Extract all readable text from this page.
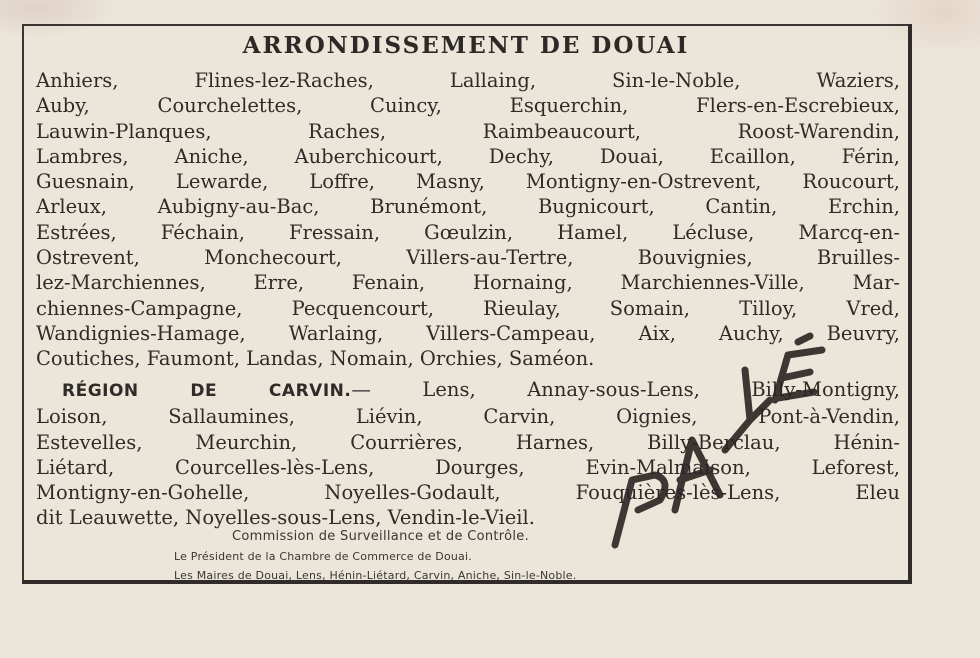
ARRONDISSEMENT DE DOUAI
Anhiers, Flines-lez-Raches, Lallaing, Sin-le-Noble, Waziers,
Auby, Courchelettes, Cuincy, Esquerchin, Flers-en-Escrebieux,
Lauwin-Planques, Raches, Raimbeaucourt, Roost-Warendin,
Lambres, Aniche, Auberchicourt, Dechy, Douai, Ecaillon, Férin,
Guesnain, Lewarde, Loffre, Masny, Montigny-en-Ostrevent, Roucourt,
Arleux, Aubigny-au-Bac, Brunémont, Bugnicourt, Cantin, Erchin,
Estrées, Féchain, Fressain, Gœulzin, Hamel, Lécluse, Marcq-en-
Ostrevent, Monchecourt, Villers-au-Tertre, Bouvignies, Bruilles-
lez-Marchiennes, Erre, Fenain, Hornaing, Marchiennes-Ville, Mar-
chiennes-Campagne, Pecquencourt, Rieulay, Somain, Tilloy, Vred,
Wandignies-Hamage, Warlaing, Villers-Campeau, Aix, Auchy, Beuvry,
Coutiches, Faumont, Landas, Nomain, Orchies, Saméon.
RÉGION DE CARVIN.—	Lens, Annay-sous-Lens, Billy-Montigny,
Loison, Sallaumines, Liévin, Carvin, Oignies, Pont-à-Vendin,
Estevelles, Meurchin, Courrières, Harnes, Billy-Berclau, Hénin-
Liétard, Courcelles-lès-Lens, Dourges, Evin-Malmaison, Leforest,
Montigny-en-Gohelle, Noyelles-Godault, Fouquières-lès-Lens, Eleu
dit Leauwette, Noyelles-sous-Lens, Vendin-le-Vieil.
Commission de Surveillance et de Contrôle.
Le Président de la Chambre de Commerce de Douai.
Les Maires de Douai, Lens, Hénin-Liétard, Carvin, Aniche, Sin-le-Noble.
